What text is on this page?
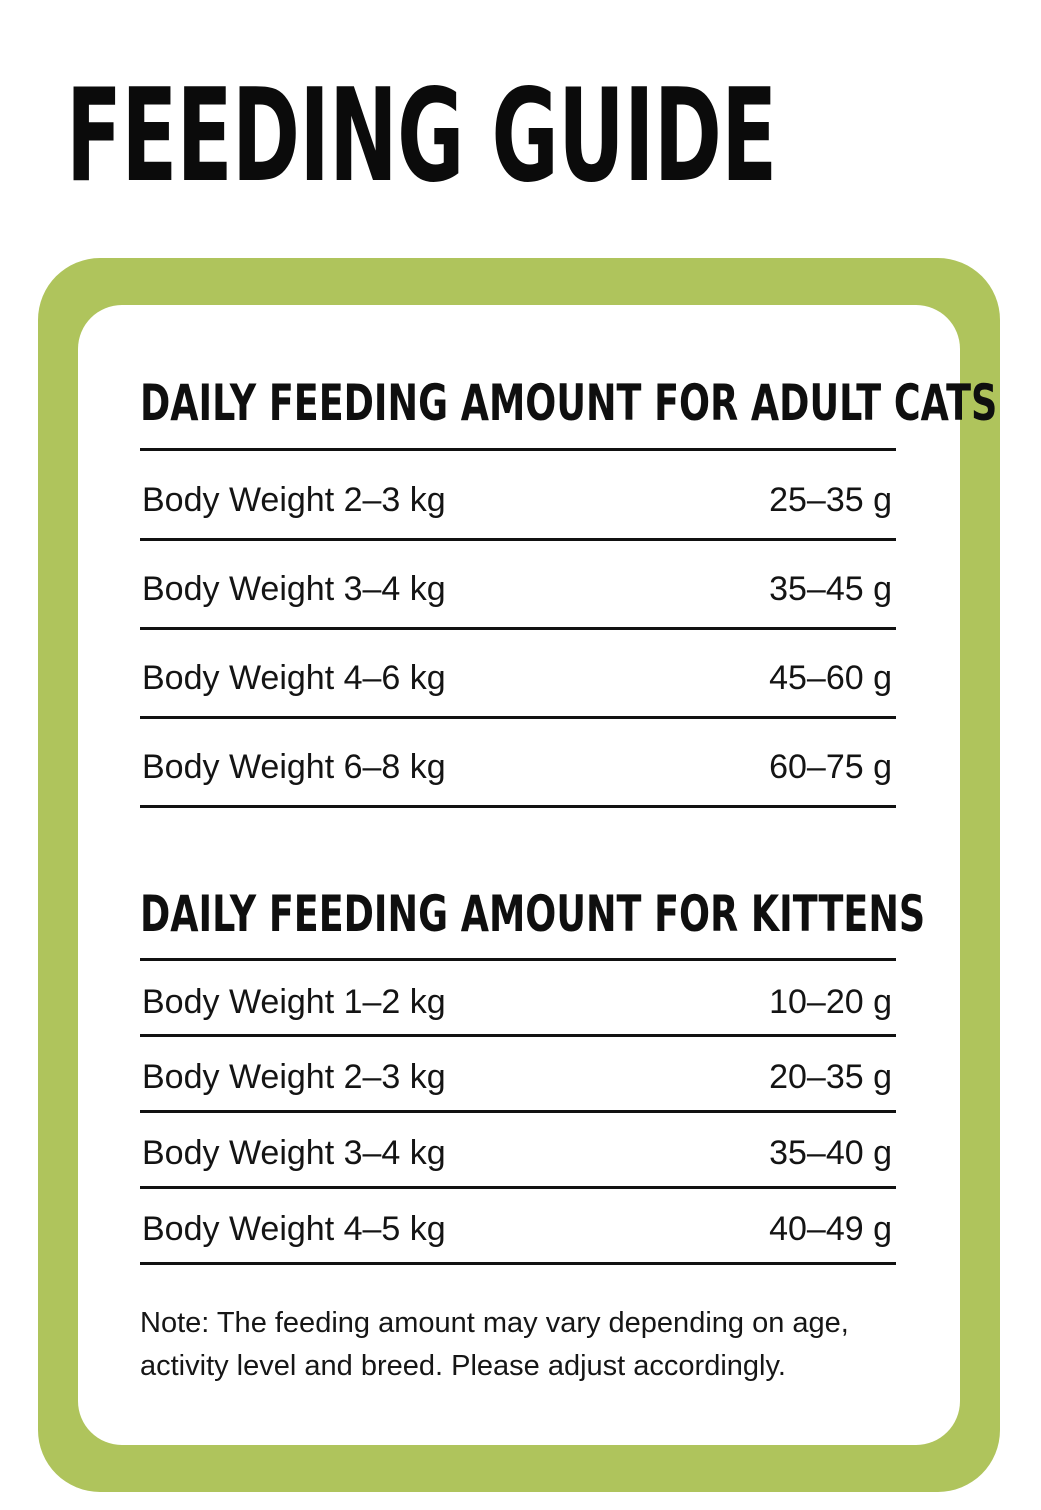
FEEDING GUIDE
DAILY FEEDING AMOUNT FOR ADULT CATS
Body Weight 2–3 kg	25–35 g
Body Weight 3–4 kg	35–45 g
Body Weight 4–6 kg	45–60 g
Body Weight 6–8 kg	60–75 g
DAILY FEEDING AMOUNT FOR KITTENS
Body Weight 1–2 kg	10–20 g
Body Weight 2–3 kg	20–35 g
Body Weight 3–4 kg	35–40 g
Body Weight 4–5 kg	40–49 g

Note: The feeding amount may vary depending on age,
activity level and breed. Please adjust accordingly.
